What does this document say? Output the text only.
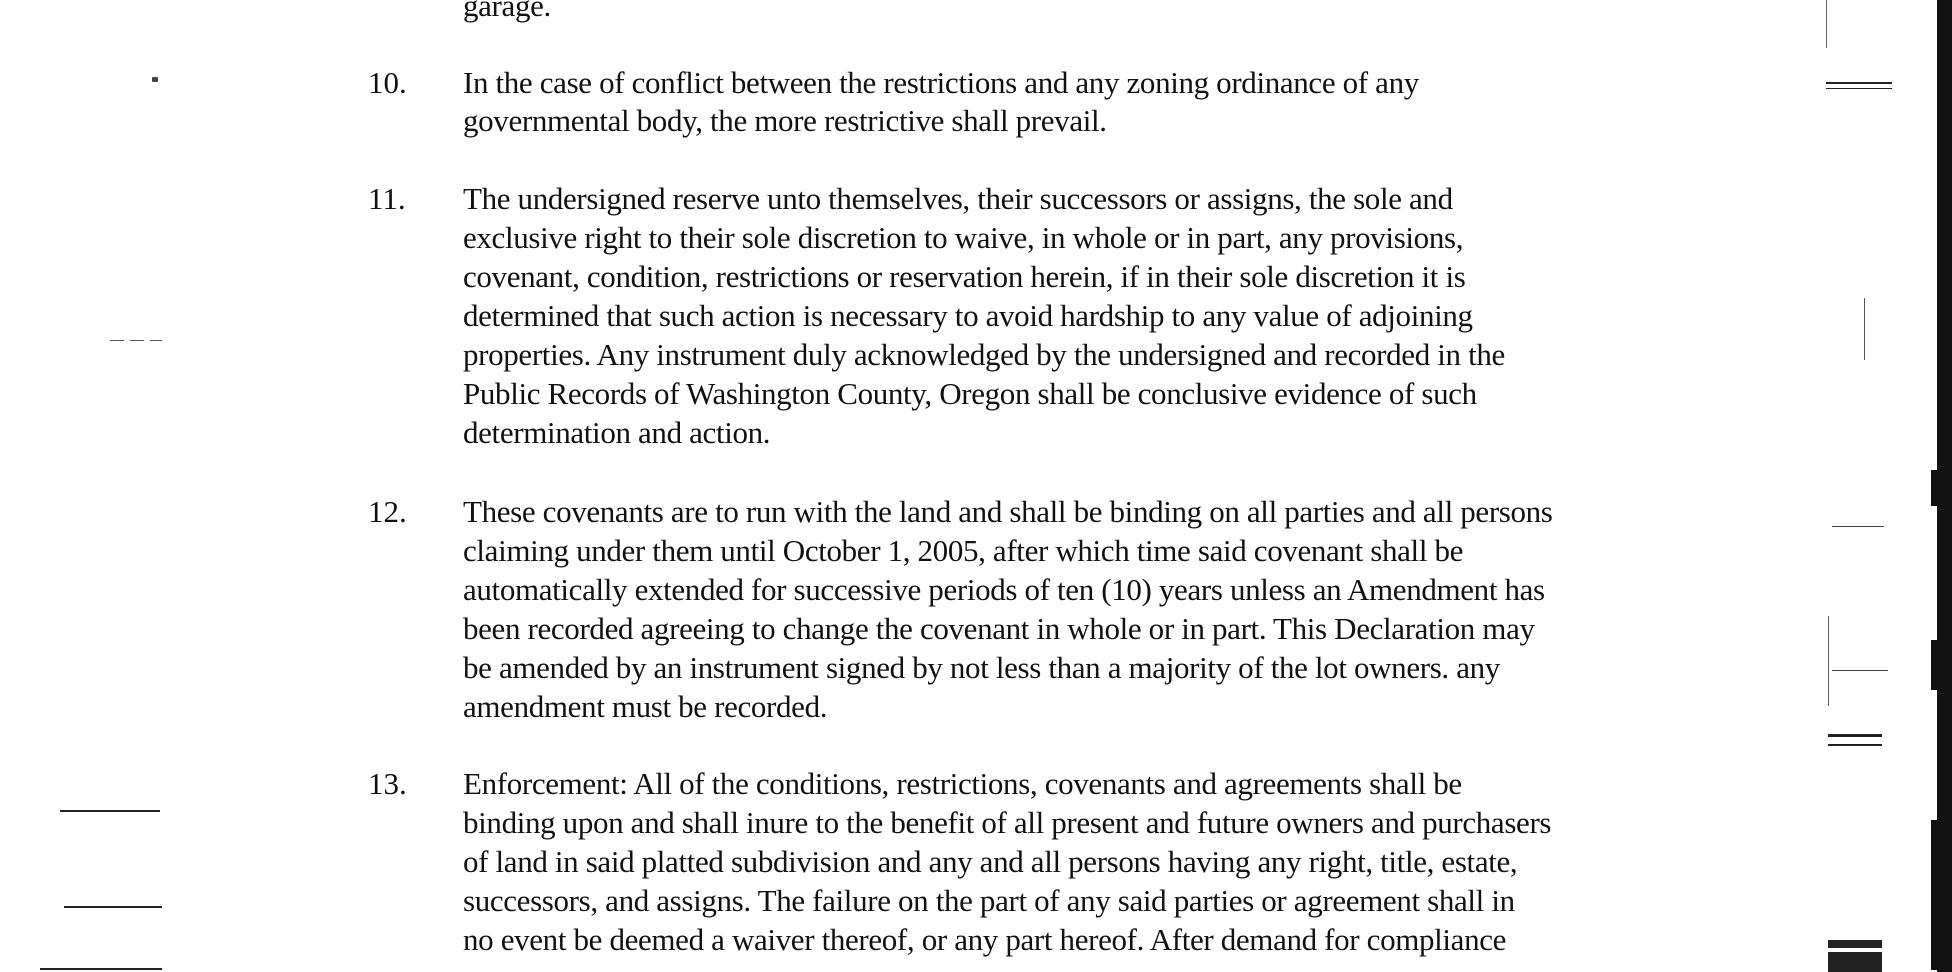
garage.
10. In the case of conflict between the restrictions and any zoning ordinance of any
governmental body, the more restrictive shall prevail.
11. The undersigned reserve unto themselves, their successors or assigns, the sole and
exclusive right to their sole discretion to waive, in whole or in part, any provisions,
covenant, condition, restrictions or reservation herein, if in their sole discretion it is
determined that such action is necessary to avoid hardship to any value of adjoining
properties. Any instrument duly acknowledged by the undersigned and recorded in the
Public Records of Washington County, Oregon shall be conclusive evidence of such
determination and action.
12. These covenants are to run with the land and shall be binding on all parties and all persons
claiming under them until October 1, 2005, after which time said covenant shall be
automatically extended for successive periods of ten (10) years unless an Amendment has
been recorded agreeing to change the covenant in whole or in part. This Declaration may
be amended by an instrument signed by not less than a majority of the lot owners. any
amendment must be recorded.
13. Enforcement: All of the conditions, restrictions, covenants and agreements shall be
binding upon and shall inure to the benefit of all present and future owners and purchasers
of land in said platted subdivision and any and all persons having any right, title, estate,
successors, and assigns. The failure on the part of any said parties or agreement shall in
no event be deemed a waiver thereof, or any part hereof. After demand for compliance
